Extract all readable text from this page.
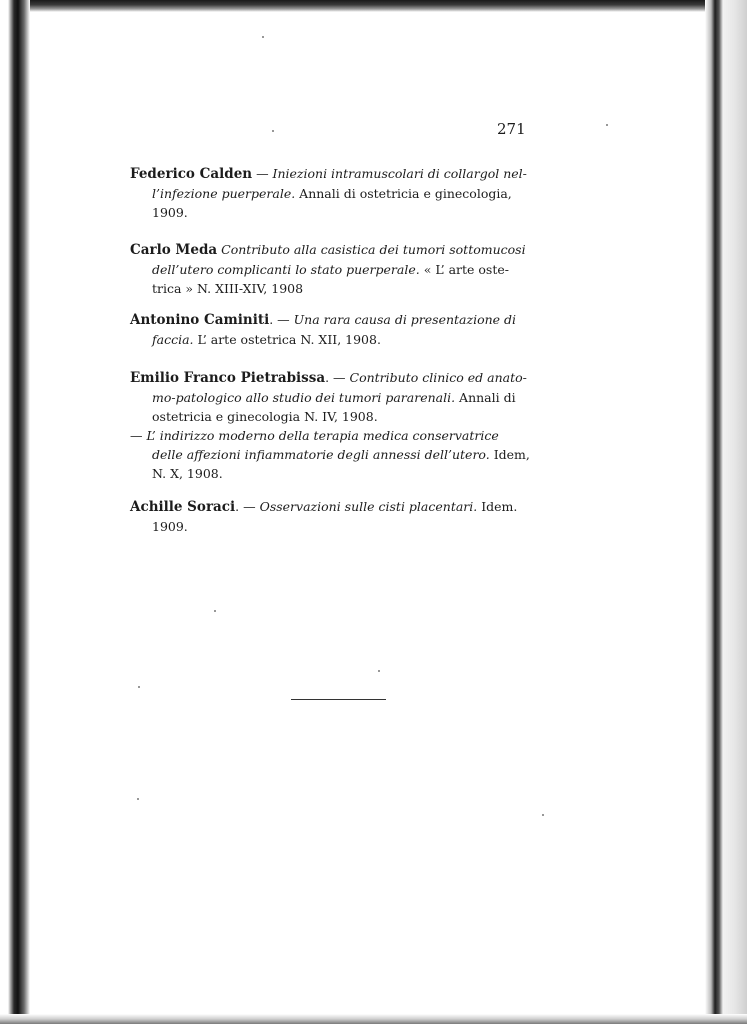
271
Federico Calden — Iniezioni intramuscolari di collargol nel-
l’infezione puerperale. Annali di ostetricia e ginecologia,
1909.
Carlo Meda Contributo alla casistica dei tumori sottomucosi
dell’utero complicanti lo stato puerperale. « L’ arte oste-
trica » N. XIII-XIV, 1908
Antonino Caminiti. — Una rara causa di presentazione di
faccia. L’ arte ostetrica N. XII, 1908.
Emilio Franco Pietrabissa. — Contributo clinico ed anato-
mo-patologico allo studio dei tumori pararenali. Annali di
ostetricia e ginecologia N. IV, 1908.
— L’ indirizzo moderno della terapia medica conservatrice
delle affezioni infiammatorie degli annessi dell’utero. Idem,
N. X, 1908.
Achille Soraci. — Osservazioni sulle cisti placentari. Idem.
1909.
